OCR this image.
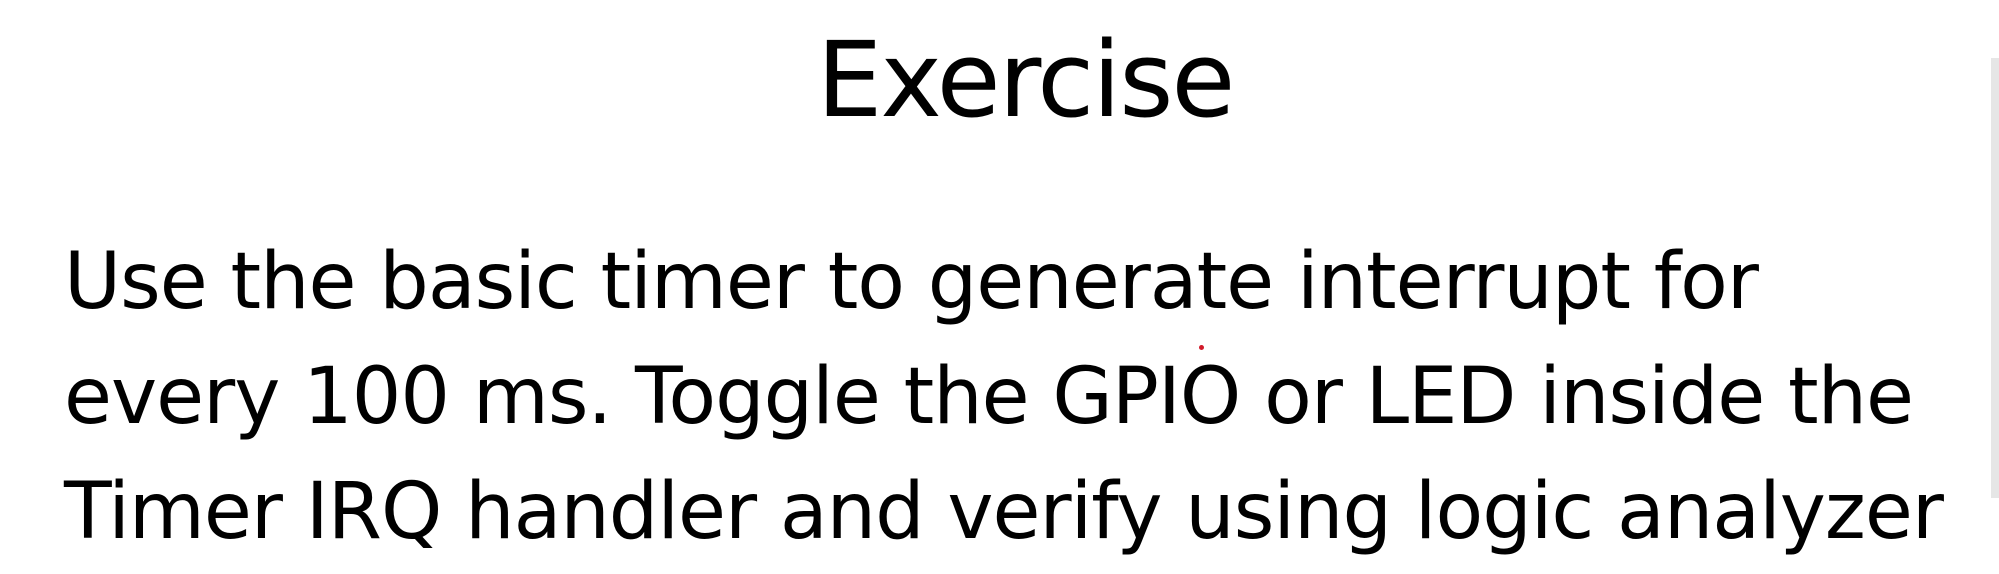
Exercise

Use the basic timer to generate interrupt for
every 100 ms. Toggle the GPIO or LED inside the
Timer IRQ handler and verify using logic analyzer
